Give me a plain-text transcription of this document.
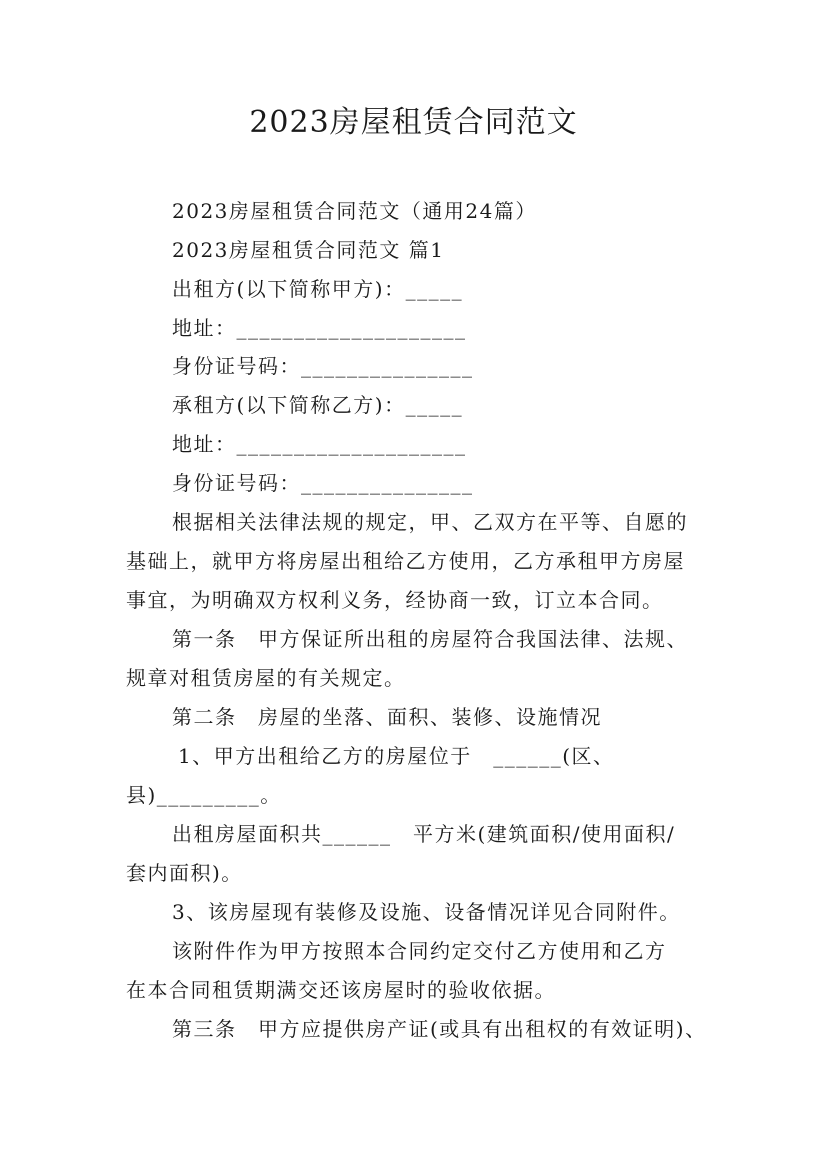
2023房屋租赁合同范文
2023房屋租赁合同范文（通用24篇）
2023房屋租赁合同范文 篇1
出租方(以下简称甲方)：_____
地址：____________________
身份证号码：_______________
承租方(以下简称乙方)：_____
地址：____________________
身份证号码：_______________
根据相关法律法规的规定，甲、乙双方在平等、自愿的
基础上，就甲方将房屋出租给乙方使用，乙方承租甲方房屋
事宜，为明确双方权利义务，经协商一致，订立本合同。
第一条　甲方保证所出租的房屋符合我国法律、法规、
规章对租赁房屋的有关规定。
第二条　房屋的坐落、面积、装修、设施情况
1、甲方出租给乙方的房屋位于　______(区、
县)_________。
出租房屋面积共______　平方米(建筑面积/使用面积/
套内面积)。
3、该房屋现有装修及设施、设备情况详见合同附件。
该附件作为甲方按照本合同约定交付乙方使用和乙方
在本合同租赁期满交还该房屋时的验收依据。
第三条　甲方应提供房产证(或具有出租权的有效证明)、
